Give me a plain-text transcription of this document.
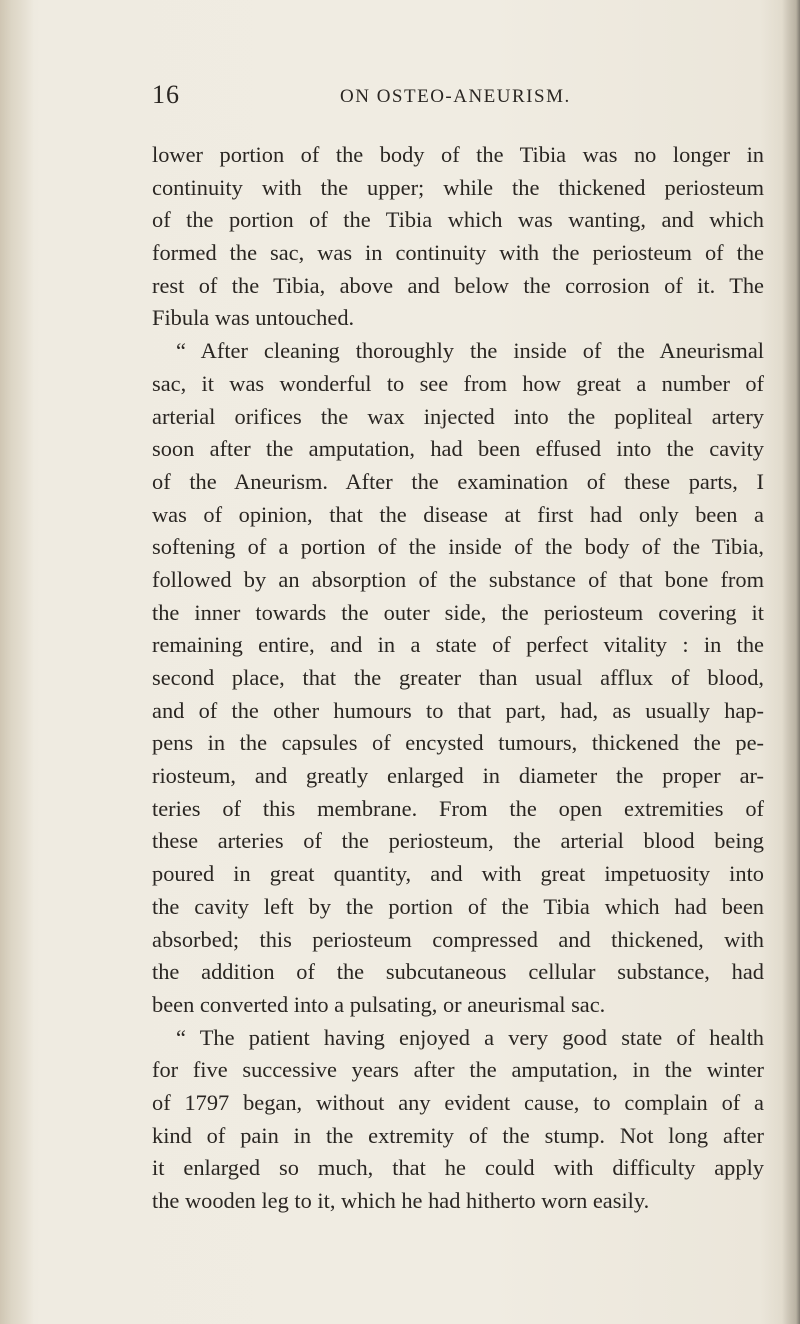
16	ON OSTEO-ANEURISM.
lower portion of the body of the Tibia was no longer in
continuity with the upper; while the thickened periosteum
of the portion of the Tibia which was wanting, and which
formed the sac, was in continuity with the periosteum of the
rest of the Tibia, above and below the corrosion of it. The
Fibula was untouched.
“ After cleaning thoroughly the inside of the Aneurismal
sac, it was wonderful to see from how great a number of
arterial orifices the wax injected into the popliteal artery
soon after the amputation, had been effused into the cavity
of the Aneurism. After the examination of these parts, I
was of opinion, that the disease at first had only been a
softening of a portion of the inside of the body of the Tibia,
followed by an absorption of the substance of that bone from
the inner towards the outer side, the periosteum covering it
remaining entire, and in a state of perfect vitality : in the
second place, that the greater than usual afflux of blood,
and of the other humours to that part, had, as usually hap-
pens in the capsules of encysted tumours, thickened the pe-
riosteum, and greatly enlarged in diameter the proper ar-
teries of this membrane. From the open extremities of
these arteries of the periosteum, the arterial blood being
poured in great quantity, and with great impetuosity into
the cavity left by the portion of the Tibia which had been
absorbed; this periosteum compressed and thickened, with
the addition of the subcutaneous cellular substance, had
been converted into a pulsating, or aneurismal sac.
“ The patient having enjoyed a very good state of health
for five successive years after the amputation, in the winter
of 1797 began, without any evident cause, to complain of a
kind of pain in the extremity of the stump. Not long after
it enlarged so much, that he could with difficulty apply
the wooden leg to it, which he had hitherto worn easily.
